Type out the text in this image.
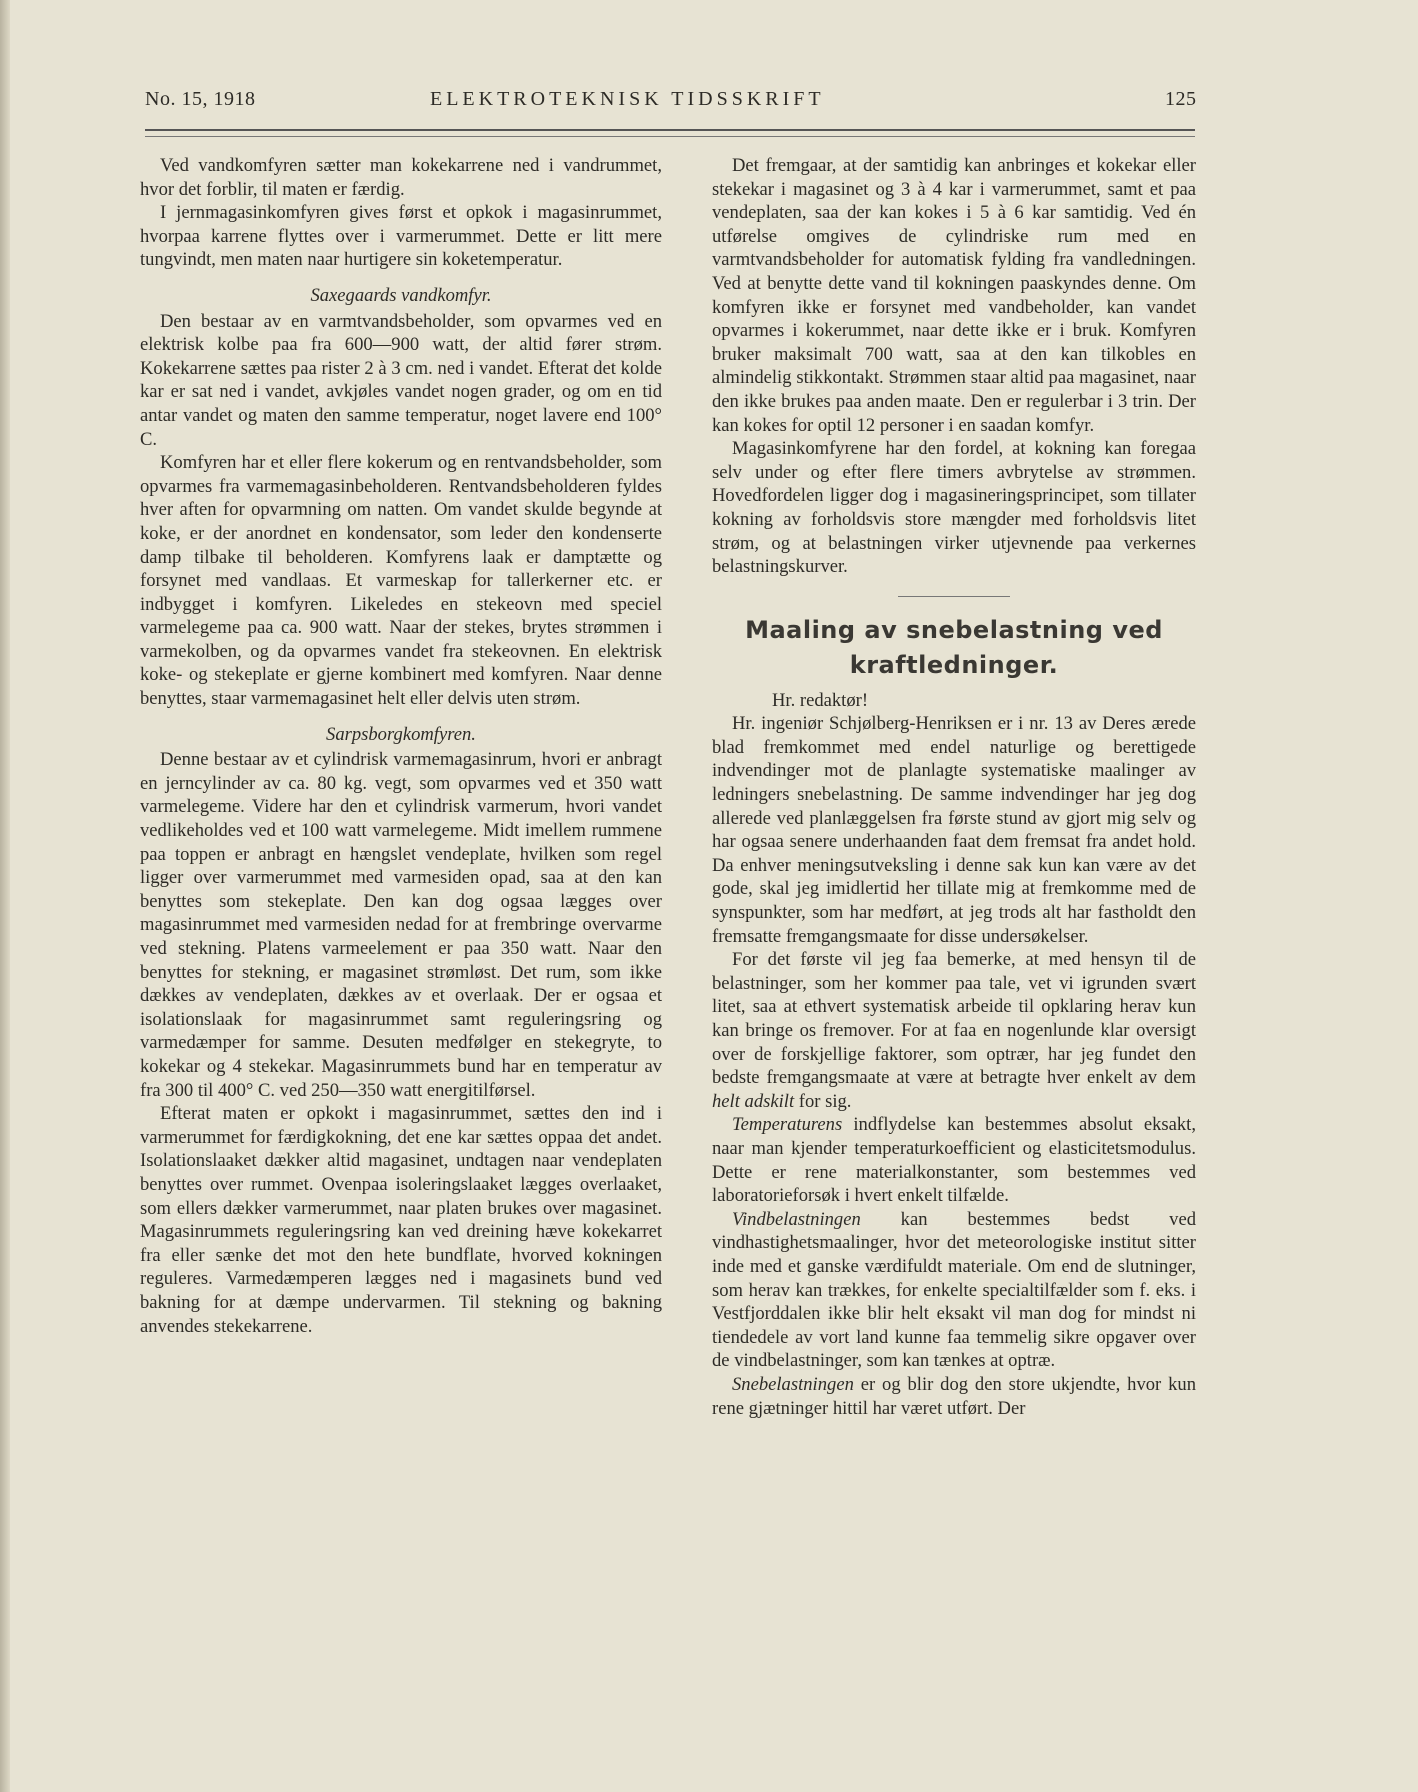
No. 15, 1918	ELEKTROTEKNISK TIDSSKRIFT	125

Ved vandkomfyren sætter man kokekarrene ned i vandrummet, hvor det forblir, til maten er færdig.

I jernmagasinkomfyren gives først et opkok i magasinrummet, hvorpaa karrene flyttes over i varmerummet. Dette er litt mere tungvindt, men maten naar hurtigere sin koketemperatur.

Saxegaards vandkomfyr.

Den bestaar av en varmtvandsbeholder, som opvarmes ved en elektrisk kolbe paa fra 600—900 watt, der altid fører strøm. Kokekarrene sættes paa rister 2 à 3 cm. ned i vandet. Efterat det kolde kar er sat ned i vandet, avkjøles vandet nogen grader, og om en tid antar vandet og maten den samme temperatur, noget lavere end 100° C.

Komfyren har et eller flere kokerum og en rentvandsbeholder, som opvarmes fra varmemagasinbeholderen. Rentvandsbeholderen fyldes hver aften for opvarmning om natten. Om vandet skulde begynde at koke, er der anordnet en kondensator, som leder den kondenserte damp tilbake til beholderen. Komfyrens laak er damptætte og forsynet med vandlaas. Et varmeskap for tallerkerner etc. er indbygget i komfyren. Likeledes en stekeovn med speciel varmelegeme paa ca. 900 watt. Naar der stekes, brytes strømmen i varmekolben, og da opvarmes vandet fra stekeovnen. En elektrisk koke- og stekeplate er gjerne kombinert med komfyren. Naar denne benyttes, staar varmemagasinet helt eller delvis uten strøm.

Sarpsborgkomfyren.

Denne bestaar av et cylindrisk varmemagasinrum, hvori er anbragt en jerncylinder av ca. 80 kg. vegt, som opvarmes ved et 350 watt varmelegeme. Videre har den et cylindrisk varmerum, hvori vandet vedlikeholdes ved et 100 watt varmelegeme. Midt imellem rummene paa toppen er anbragt en hængslet vendeplate, hvilken som regel ligger over varmerummet med varmesiden opad, saa at den kan benyttes som stekeplate. Den kan dog ogsaa lægges over magasinrummet med varmesiden nedad for at frembringe overvarme ved stekning. Platens varmeelement er paa 350 watt. Naar den benyttes for stekning, er magasinet strømløst. Det rum, som ikke dækkes av vendeplaten, dækkes av et overlaak. Der er ogsaa et isolationslaak for magasinrummet samt reguleringsring og varmedæmper for samme. Desuten medfølger en stekegryte, to kokekar og 4 stekekar. Magasinrummets bund har en temperatur av fra 300 til 400° C. ved 250—350 watt energitilførsel.

Efterat maten er opkokt i magasinrummet, sættes den ind i varmerummet for færdigkokning, det ene kar sættes oppaa det andet. Isolationslaaket dækker altid magasinet, undtagen naar vendeplaten benyttes over rummet. Ovenpaa isoleringslaaket lægges overlaaket, som ellers dækker varmerummet, naar platen brukes over magasinet. Magasinrummets reguleringsring kan ved dreining hæve kokekarret fra eller sænke det mot den hete bundflate, hvorved kokningen reguleres. Varmedæmperen lægges ned i magasinets bund ved bakning for at dæmpe undervarmen. Til stekning og bakning anvendes stekekarrene.

Det fremgaar, at der samtidig kan anbringes et kokekar eller stekekar i magasinet og 3 à 4 kar i varmerummet, samt et paa vendeplaten, saa der kan kokes i 5 à 6 kar samtidig. Ved én utførelse omgives de cylindriske rum med en varmtvandsbeholder for automatisk fylding fra vandledningen. Ved at benytte dette vand til kokningen paaskyndes denne. Om komfyren ikke er forsynet med vandbeholder, kan vandet opvarmes i kokerummet, naar dette ikke er i bruk. Komfyren bruker maksimalt 700 watt, saa at den kan tilkobles en almindelig stikkontakt. Strømmen staar altid paa magasinet, naar den ikke brukes paa anden maate. Den er regulerbar i 3 trin. Der kan kokes for optil 12 personer i en saadan komfyr.

Magasinkomfyrene har den fordel, at kokning kan foregaa selv under og efter flere timers avbrytelse av strømmen. Hovedfordelen ligger dog i magasineringsprincipet, som tillater kokning av forholdsvis store mængder med forholdsvis litet strøm, og at belastningen virker utjevnende paa verkernes belastningskurver.

Maaling av snebelastning ved kraftledninger.

Hr. redaktør!

Hr. ingeniør Schjølberg-Henriksen er i nr. 13 av Deres ærede blad fremkommet med endel naturlige og berettigede indvendinger mot de planlagte systematiske maalinger av ledningers snebelastning. De samme indvendinger har jeg dog allerede ved planlæggelsen fra første stund av gjort mig selv og har ogsaa senere underhaanden faat dem fremsat fra andet hold. Da enhver meningsutveksling i denne sak kun kan være av det gode, skal jeg imidlertid her tillate mig at fremkomme med de synspunkter, som har medført, at jeg trods alt har fastholdt den fremsatte fremgangsmaate for disse undersøkelser.

For det første vil jeg faa bemerke, at med hensyn til de belastninger, som her kommer paa tale, vet vi igrunden svært litet, saa at ethvert systematisk arbeide til opklaring herav kun kan bringe os fremover. For at faa en nogenlunde klar oversigt over de forskjellige faktorer, som optrær, har jeg fundet den bedste fremgangsmaate at være at betragte hver enkelt av dem helt adskilt for sig.

Temperaturens indflydelse kan bestemmes absolut eksakt, naar man kjender temperaturkoefficient og elasticitetsmodulus. Dette er rene materialkonstanter, som bestemmes ved laboratorieforsøk i hvert enkelt tilfælde.

Vindbelastningen kan bestemmes bedst ved vindhastighetsmaalinger, hvor det meteorologiske institut sitter inde med et ganske værdifuldt materiale. Om end de slutninger, som herav kan trækkes, for enkelte specialtilfælder som f. eks. i Vestfjorddalen ikke blir helt eksakt vil man dog for mindst ni tiendedele av vort land kunne faa temmelig sikre opgaver over de vindbelastninger, som kan tænkes at optræ.

Snebelastningen er og blir dog den store ukjendte, hvor kun rene gjætninger hittil har været utført. Der
